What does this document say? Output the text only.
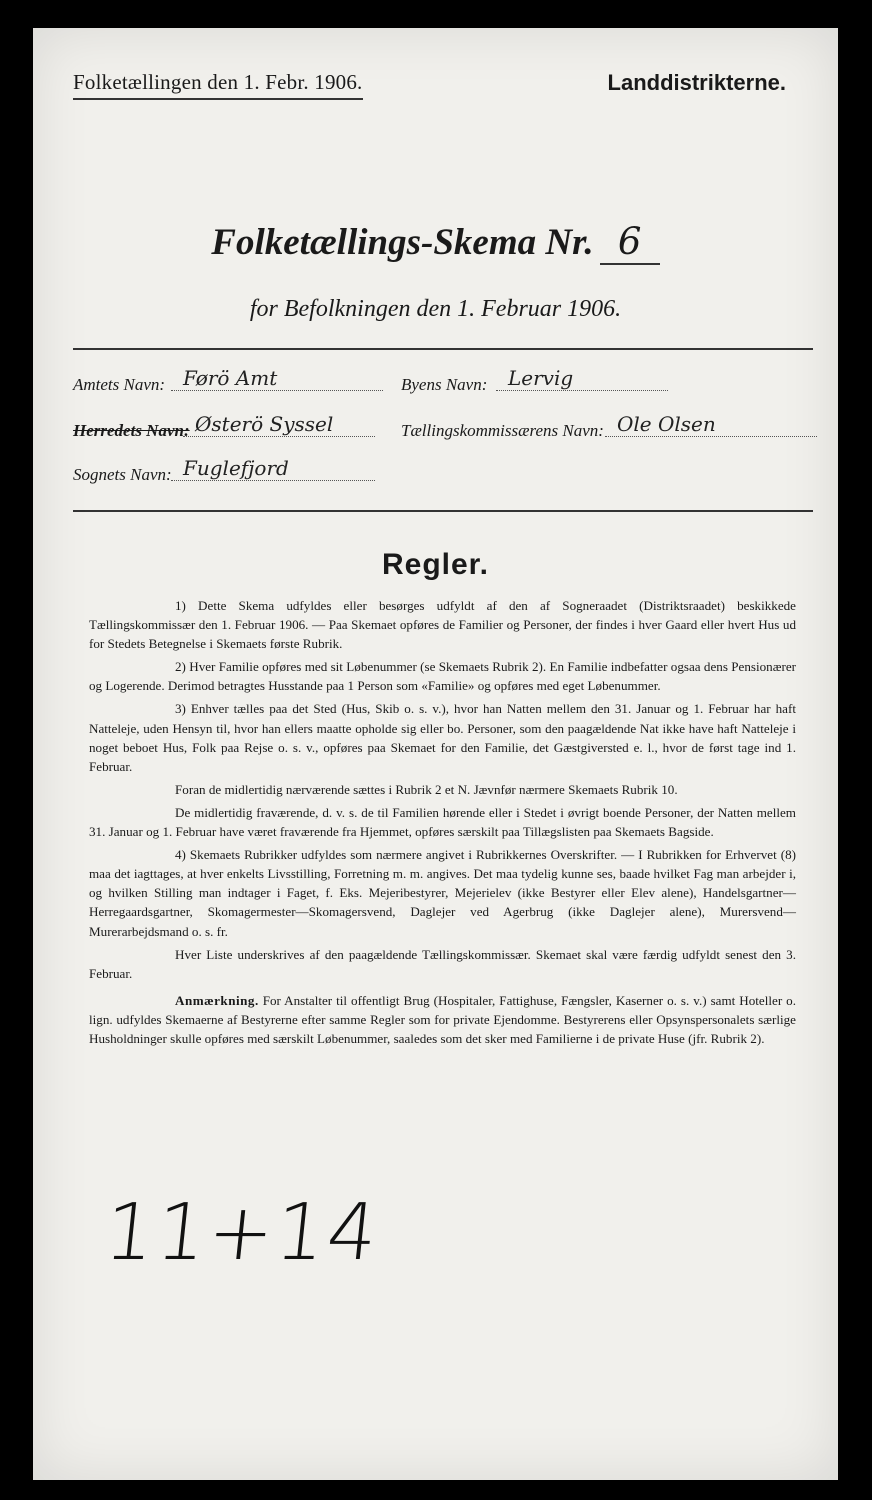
Folketællingen den 1. Febr. 1906.	Landdistrikterne.
Folketællings-Skema Nr. 6
for Befolkningen den 1. Februar 1906.
Amtets Navn: Førö Amt	Byens Navn:	Lervig
Herredets Navn: Østerö Syssel	Tællingskommissærens Navn: Ole Olsen
Sognets Navn: Fuglefjord
Regler.

1) Dette Skema udfyldes eller besørges udfyldt af den af Sogneraadet (Distriktsraadet) beskikkede Tællingskommissær den 1. Februar 1906. — Paa Skemaet opføres de Familier og Personer, der findes i hver Gaard eller hvert Hus ud for Stedets Betegnelse i Skemaets første Rubrik.

2) Hver Familie opføres med sit Løbenummer (se Skemaets Rubrik 2). En Familie indbefatter ogsaa dens Pensionærer og Logerende. Derimod betragtes Husstande paa 1 Person som «Familie» og opføres med eget Løbenummer.

3) Enhver tælles paa det Sted (Hus, Skib o. s. v.), hvor han Natten mellem den 31. Januar og 1. Februar har haft Natteleje, uden Hensyn til, hvor han ellers maatte opholde sig eller bo. Personer, som den paagældende Nat ikke have haft Natteleje i noget beboet Hus, Folk paa Rejse o. s. v., opføres paa Skemaet for den Familie, det Gæstgiversted e. l., hvor de først tage ind 1. Februar.

Foran de midlertidig nærværende sættes i Rubrik 2 et N. Jævnfør nærmere Skemaets Rubrik 10.

De midlertidig fraværende, d. v. s. de til Familien hørende eller i Stedet i øvrigt boende Personer, der Natten mellem 31. Januar og 1. Februar have været fraværende fra Hjemmet, opføres særskilt paa Tillægslisten paa Skemaets Bagside.

4) Skemaets Rubrikker udfyldes som nærmere angivet i Rubrikkernes Overskrifter. — I Rubrikken for Erhvervet (8) maa det iagttages, at hver enkelts Livsstilling, Forretning m. m. angives. Det maa tydelig kunne ses, baade hvilket Fag man arbejder i, og hvilken Stilling man indtager i Faget, f. Eks. Mejeribestyrer, Mejerielev (ikke Bestyrer eller Elev alene), Handelsgartner—Herregaardsgartner, Skomagermester—Skomagersvend, Daglejer ved Agerbrug (ikke Daglejer alene), Murersvend—Murerarbejdsmand o. s. fr.

Hver Liste underskrives af den paagældende Tællingskommissær. Skemaet skal være færdig udfyldt senest den 3. Februar.

Anmærkning. For Anstalter til offentligt Brug (Hospitaler, Fattighuse, Fængsler, Kaserner o. s. v.) samt Hoteller o. lign. udfyldes Skemaerne af Bestyrerne efter samme Regler som for private Ejendomme. Bestyrerens eller Opsynspersonalets særlige Husholdninger skulle opføres med særskilt Løbenummer, saaledes som det sker med Familierne i de private Huse (jfr. Rubrik 2).

11+14
